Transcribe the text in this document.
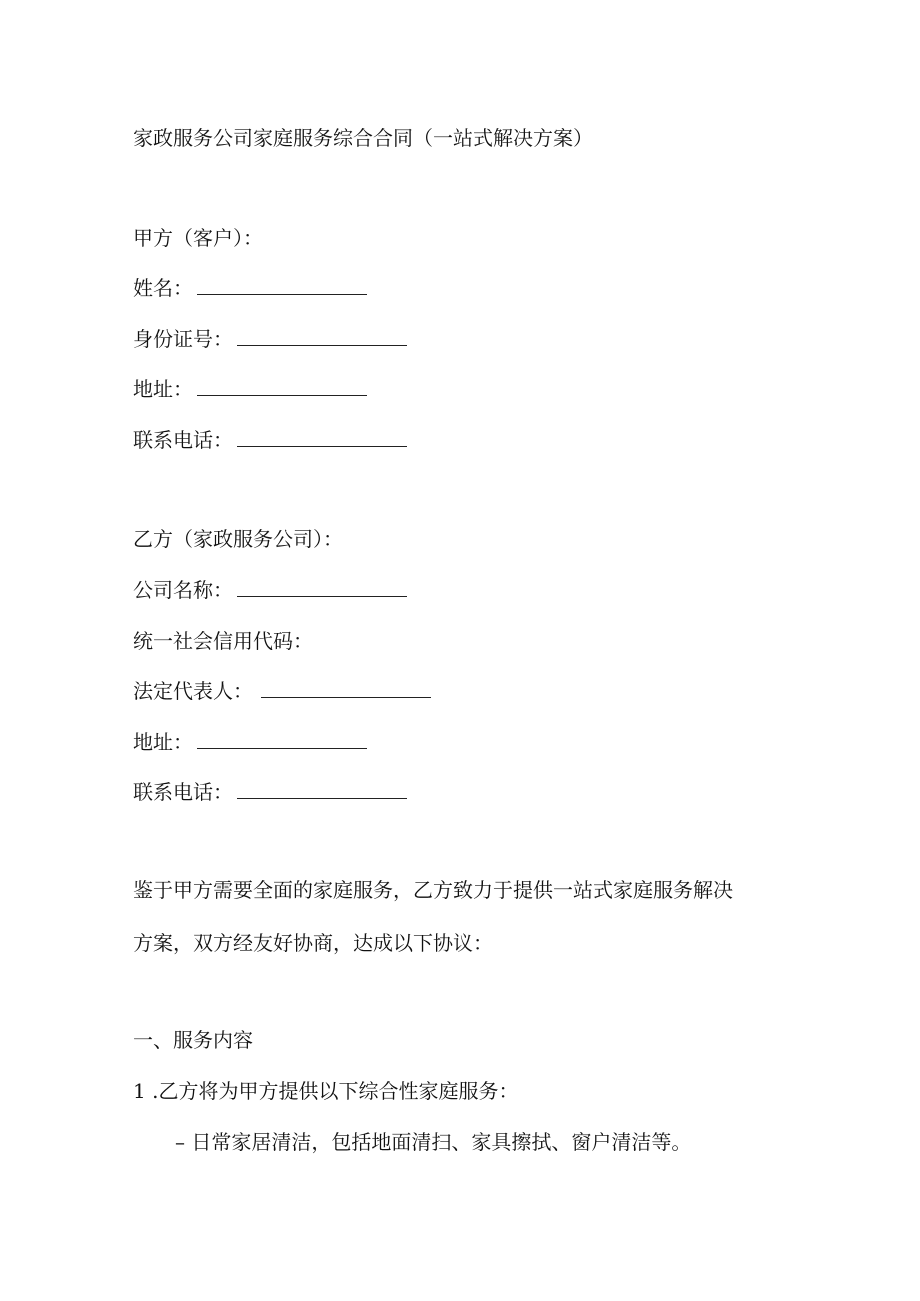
家政服务公司家庭服务综合合同（一站式解决方案）
甲方（客户）：
姓名：
身份证号：
地址：
联系电话：
乙方（家政服务公司）：
公司名称：
统一社会信用代码：
法定代表人：
地址：
联系电话：
鉴于甲方需要全面的家庭服务，乙方致力于提供一站式家庭服务解决
方案，双方经友好协商，达成以下协议：
一、服务内容
1 .乙方将为甲方提供以下综合性家庭服务：
– 日常家居清洁，包括地面清扫、家具擦拭、窗户清洁等。
